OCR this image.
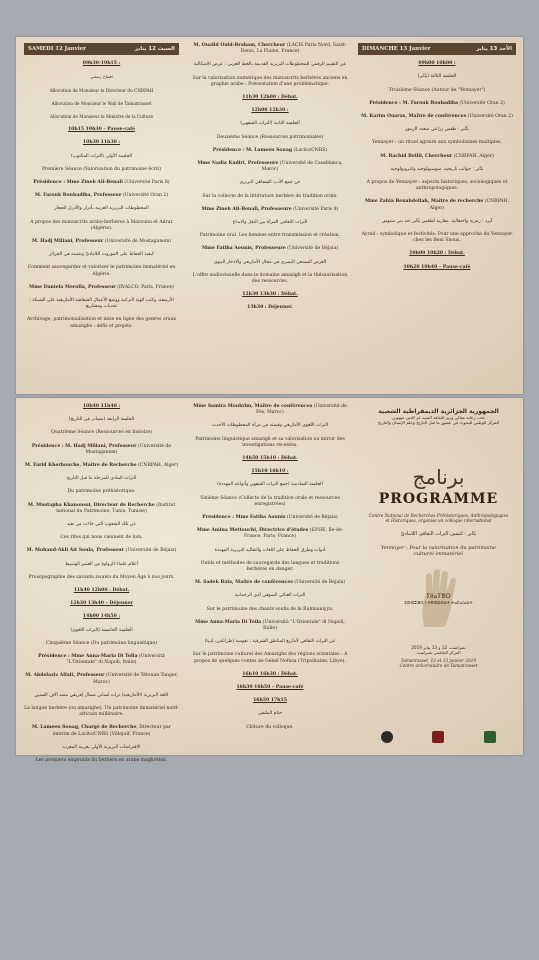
SAMEDI 12 Janvier	السبت 12 يناير
09h30-10h15 :
افتتاح رسمي
Allocution de Monsieur le Directeur du CNRPAH
Allocution de Monsieur le Wali de Tamanrasset
Allocution de Monsieur le Ministre de la Culture
10h15 10h30 – Pause-café
10h30 11h30 :
الجلسة الأولى (التراث المكتوب)
Première Séance (Valorisation du patrimoine écrit)
Présidence : Mme Zineb Ali-Benali (Université Paris 8)
M. Farouk Bouhadiba, Professeur (Université Oran 2)
المخطوطات البربرية العربية بأدرار والأدرار الحجار
A propos des manuscrits arabo-berbères à Mazouna et Adrar (Algérie).
M. Hadj Miliani, Professeur (Université de Mostaganem)
كيفية الحفاظ على الموروث اللاماديّ وتثمينه في الجزائر
Comment sauvegarder et valoriser le patrimoine immatériel en Algérie.
Mme Daniela Merolla, Professeur (INALCO, Paris, France)
الأرشفة، وكتب الهبة التراثية ووضع الأعمال الشفاهية الأمازيغية على الشبكة : تحديات ومشاريع
Archivage, patrimonialisation et mise en ligne des genres oraux amazighs : défis et projets.
M. Oualid Ould-Braham, Chercheur (LACIS Paris Nord, Saint-Denis, La Plaine, France)
عن التقييم الرقمي للمخطوطات البربرية القديمة بالخط العربي : عرض الاشكالية
Sur la valorisation numérique des manuscrits berbères anciens en graphie arabe : Présentation d'une problématique.
11h30 12h00 : Débat.
12h00 12h30 :
الجلسة الثانية (التراث الشفهي)
Deuxième Séance (Ressources patrimoniales)
Présidence : M. Lameen Souag (Lacito/CNRS)
Mme Nadia Kadiri, Professeure (Université de Casablanca, Maroc)
عن جمع الأدب الشفاهي البربري
Sur la collecte de la littérature berbère de tradition orale.
Mme Zineb Ali-Benali, Professeure (Université Paris 8)
التراث الثقافي المرأة بين النقل والابداع
Patrimoine oral. Les femmes entre transmission et création.
Mme Fatiha Aounis, Professeure (Université de Béjaia)
العرض السمعي البصري في مجال الأمازيغي والادخار النبوي
L'offre audiovisuelle dans le domaine amazigh et la thésaurisation des ressources.
12h30 13h30 : Débat.
13h30 : Déjeuner.
DIMANCHE 13 Janvier	الأحد 13 يناير
09h00 10h00 :
الجلسة الثالثة (ينّاير)
Troisième Séance (Autour de "Yennayer")
Présidence : M. Farouk Bouhadiba (Université Oran 2)
M. Karim Ouaras, Maître de conférences (Université Oran 2)
ينّاير : طقس زراعي متعدد الرموز
Yennayer : un rituel agraire aux symbolismes multiples.
M. Rachid Bellil, Chercheur (CNRPAH, Alger)
ينّاير : جوانب تاريخية، سوسيولوجية وانثروبولوجية
A propos de Yennayer : aspects historiques, sociologiques et anthropologiques.
Mme Zahia Benabdellah, Maître de recherche (CNRPAH, Alger)
آيرد : رمزية واحتفالية. مقاربة لطقس ينّاير عند بني سنوس
Ayred : symbolique et festivités. Pour une approche du Yennayer chez les Beni Snous.
10h00 10h20 : Débat.
10h20 10h40 – Pause-café
10h40 11h40 :
الجلسة الرابعة (مصادر في التاريخ)
Quatrième Séance (Ressources en histoire)
Présidence : M. Hadj Miliani, Professeur (Université de Mostaganem)
M. Farid Kherbouche, Maître de Recherche (CNRPAH, Alger)
التراث المادي للمرحلة ما قبل التاريخ
Du patrimoine préhistorique.
M. Mustapha Khanoussi, Directeur de Recherche (Institut national du Patrimoine, Tunis, Tunisie)
عن تلك الشعوب التي جاءت من بعيد
Ces rites qui nous viennent de loin.
M. Mohand-Akli Aït Soula, Professeur (Université de Béjaia)
أعلام علماء الزواوة من العصر الوسيط
Prosopographie des savants zwawa du Moyen Âge à nos jours.
11h40 12h00 : Débat.
12h30 13h40 – Déjeuner
14h00 14h50 :
الجلسة الخامسة (التراث اللغوي)
Cinquième Séance (Du patrimoine linguistique)
Présidence : Mme Anna-Maria Di Tolla (Università "L'Orientale" di Napoli, Italie)
M. Abdelaziz Allati, Professeur (Université de Tétouan-Tanger, Maroc)
اللغة البربرية (الأمازيغية) تراث لساني شمال إفريقي ممتد آلاف السنين
La langue berbère (ou amazighe). Un patrimoine immatériel nord-africain millénaire.
M. Lameen Souag, Chargé de Recherche, Directeur par intérim de Lacito/CNRS (Villejuif, France)
الاقتراضات البربرية الأولى بعربية المغرب
Les premiers emprunts du berbère en arabe maghrébin.
Mme Samira Moukrim, Maître de conférences (Université de Fès, Maroc)
التراث اللغوي الأمازيغي وقيمته في مرآة المخطوطات الأحدث
Patrimoine linguistique amazigh et sa valorisation au miroir des investigations récentes.
14h50 15h10 : Débat.
15h10 16h10 :
الجلسة السادسة (جمع التراث الشفهي وأنواعه المهددة)
Sixième Séance (Collecte de la tradition orale et ressources enregistrées)
Présidence : Mme Fatiha Aounis (Université de Béjaia)
Mme Amina Mettouchi, Directrice d'études (EPHE, Ile-de-France, Paris, France)
أدوات وطرق الحفاظ على اللغات والتقاليد البربرية المهددة
Outils et méthodes de sauvegarde des langues et traditions berbères en danger.
M. Sadek Bala, Maître de conférences (Université de Béjaia)
التراث الغنائي الصوفي لدى الرحمانية
Sur le patrimoine des chants soufis de la Rahmaniyya.
Mme Anna-Maria Di Tolla (Università "L'Orientale" di Napoli, Italie)
عن التراث الثقافي لأمازيغ المناطق الشرقية : نفوسة (طرابلس، ليبيا)
Sur le patrimoine culturel des Amazighs des régions orientales : A propos de quelques contes de Gebel Nefusa (Tripolitaine, Libye).
16h10 16h30 : Débat.
16h30 16h50 – Pause-café
16h50 17h15
ختام الملتقى
Clôture du colloque.
الجمهورية الجزائرية الديمقراطية الشعبية
تحت رعاية معالي وزير الثقافة السيد عز الدين ميهوبي
المركز الوطني للبحوث في عصور ما قبل التاريخ وعلم الإنسان والتاريخ
برنامج
PROGRAMME
Centre National de Recherches Préhistoriques, Anthropologiques et Historiques, organise un colloque international
ينّاير : لتثمين التراث الثقافي اللاماديّ
Yennayer : Pour la valorisation du patrimoine culturel immatériel
ⵢⵏⵏⴰⵢⴻⵔ
ⵉⵙⵙⵓⴼⴷ ⵏ ⵜⴽⵙⵙⵉⵡⵜ ⵜⴰⵎⴰⵏⴰⵡⵜ
تمنراست، 12 و 13 يناير 2019
المركز الجامعي تمنراست
Tamanrasset, 12 et 13 janvier 2019
Centre universitaire de Tamanrasset
